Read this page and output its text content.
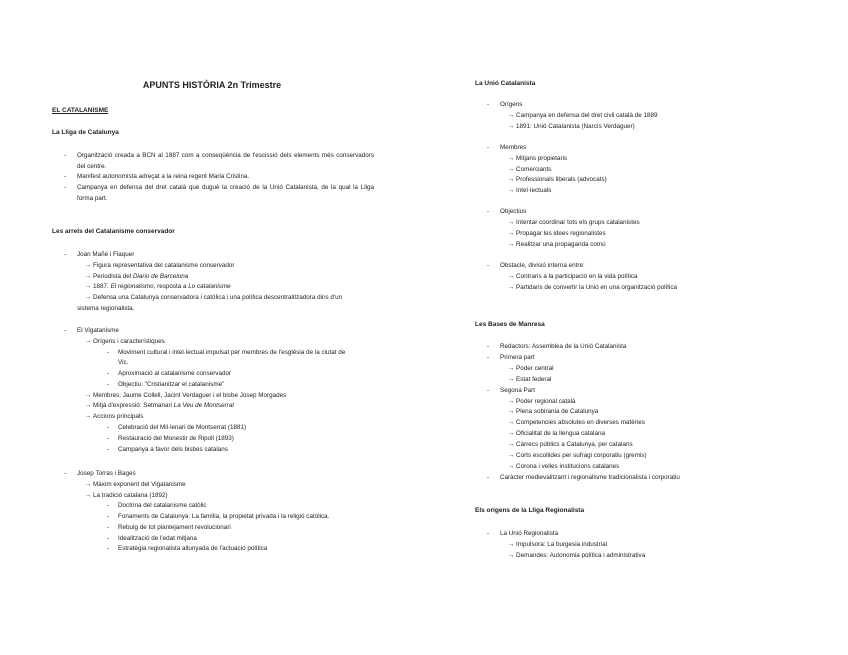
APUNTS HISTÒRIA 2n Trimestre
EL CATALANISME
La Lliga de Catalunya
- Organització creada a BCN al 1887 com a conseqüència de l'escissió dels elements més conservadors del centre.
- Manifest autonomista adreçat a la reina regent Maria Cristina.
- Campanya en defensa del dret català que duguè la creació de la Unió Catalanista, de la qual la Lliga forma part.
Les arrels del Catalanisme conservador
- Joan Mañé i Flaquer
→ Figura representativa del catalanisme conservador
→ Periodista del Diario de Barcelona
→ 1887. El regionalismo, resposta a Lo catalanisme
→ Defensa una Catalunya conservadora i catòlica i una política descentralitzadora dins d'un
sistema regionalista.
- El Vigatanisme
→ Orígens i característiques
- Moviment cultural i intel·lectual impulsat per membres de l'església de la ciutat de
Vic.
- Aproximació al catalanisme conservador
- Objectiu: "Cristianitzar el catalanisme"
→ Membres: Jaume Collell, Jacint Verdaguer i el bisbe Josep Morgades
→ Mitjà d'expressió: Setmanari La Veu de Montserrat
→ Accions principals
- Celebració del Mil·lenari de Montserrat (1881)
- Restauració del Monestir de Ripoll (1893)
- Campanya a favor dels bisbes catalans
- Josep Torras i Bages
→ Màxim exponent del Vigatanisme
→ La tradició catalana (1892)
- Doctrina del catalanisme catòlic
- Fonaments de Catalunya: La família, la propietat privada i la religió catòlica.
- Rebuig de tot plantejament revolucionari
- Idealització de l'edat mitjana
- Estratègia regionalista allunyada de l'actuació política
La Unió Catalanista
- Orígens
→ Campanya en defensa del dret civil català de 1889
→ 1891: Unió Catalanista (Narcís Verdaguer)
- Membres
→ Mitjans propietaris
→ Comerciants
→ Professionals liberals (advocats)
→ Intel·lectuals
- Objectius
→ Intentar coordinar tots els grups catalanistes
→ Propagar les idees regionalistes
→ Realitzar una propaganda comú
- Obstacle, divisió interna entre:
→ Contraris a la participació en la vida política
→ Partidaris de convertir la Unió en una organització política
Les Bases de Manresa
- Redactors: Assemblea de la Unió Catalanista
- Primera part
→ Poder central
→ Estat federal
- Segona Part
→ Poder regional català
→ Plena sobirania de Catalunya
→ Competencies absolutes en diverses matèries
→ Oficialitat de la llengua catalana
→ Càrrecs públics a Catalunya, per catalans
→ Corts escollides per sufragi corporatiu (gremis)
→ Corona i velles institucions catalanes
- Caràcter medievalitzant i regionalisme tradicionalista i corporatiu
Els orígens de la Lliga Regionalista
- La Unió Regionalista
→ Impulsora: La burgesia industrial
→ Demandes: Autonomia política i administrativa
